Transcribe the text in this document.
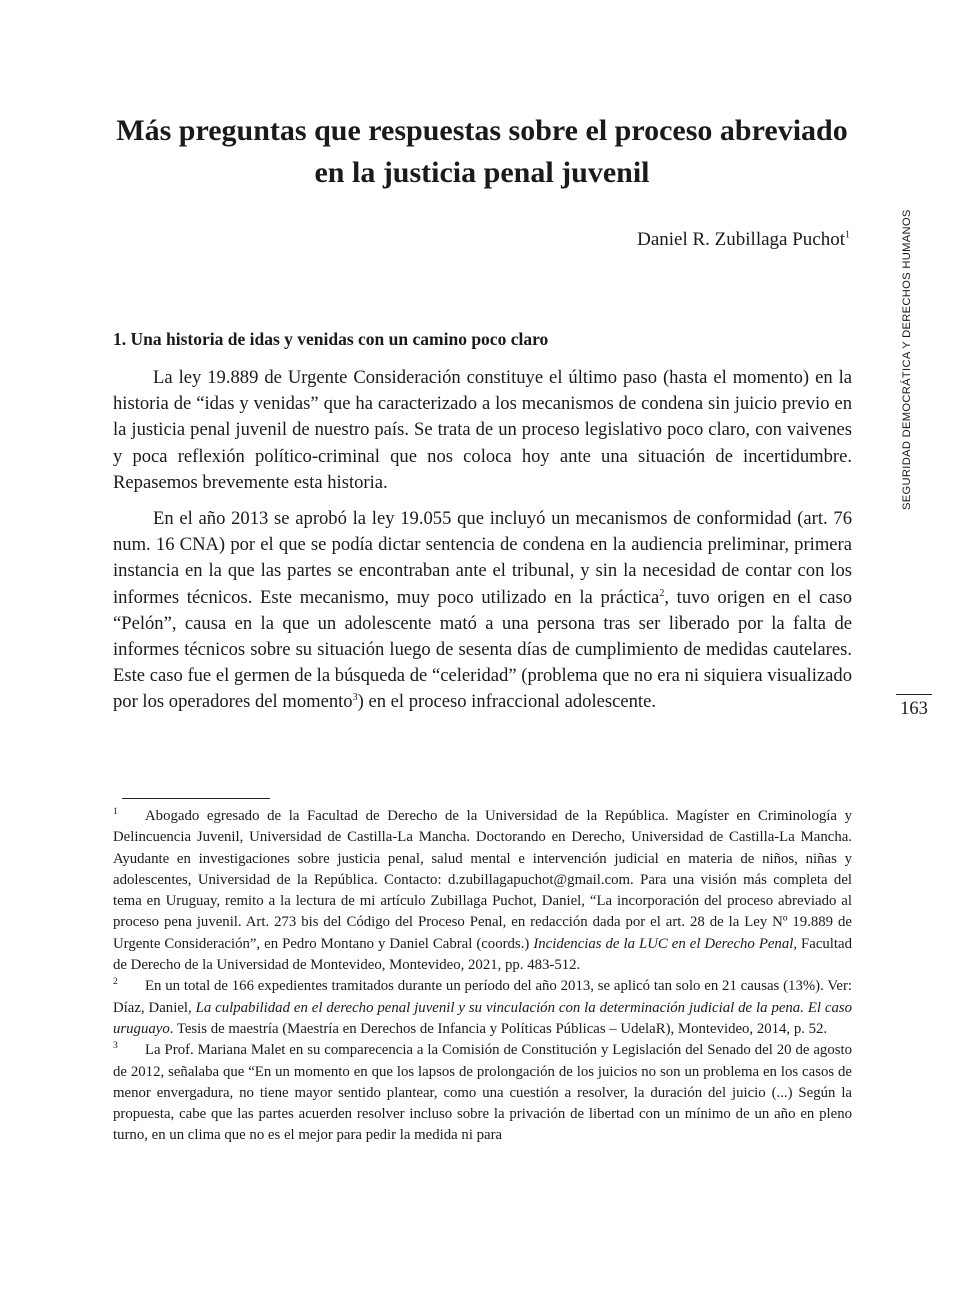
Más preguntas que respuestas sobre el proceso abreviado en la justicia penal juvenil
Daniel R. Zubillaga Puchot$^1$
1. Una historia de idas y venidas con un camino poco claro

La ley 19.889 de Urgente Consideración constituye el último paso (hasta el momento) en la historia de “idas y venidas” que ha caracterizado a los mecanismos de condena sin juicio previo en la justicia penal juvenil de nuestro país. Se trata de un proceso legislativo poco claro, con vaivenes y poca reflexión político-criminal que nos coloca hoy ante una situación de incertidumbre. Repasemos brevemente esta historia.

En el año 2013 se aprobó la ley 19.055 que incluyó un mecanismos de conformidad (art. 76 num. 16 CNA) por el que se podía dictar sentencia de condena en la audiencia preliminar, primera instancia en la que las partes se encontraban ante el tribunal, y sin la necesidad de contar con los informes técnicos. Este mecanismo, muy poco utilizado en la práctica$^2$, tuvo origen en el caso “Pelón”, causa en la que un adolescente mató a una persona tras ser liberado por la falta de informes técnicos sobre su situación luego de sesenta días de cumplimiento de medidas cautelares. Este caso fue el germen de la búsqueda de “celeridad” (problema que no era ni siquiera visualizado por los operadores del momento$^3$) en el proceso infraccional adolescente.

SEGURIDAD DEMOCRÁTICA Y DERECHOS HUMANOS
163

1 Abogado egresado de la Facultad de Derecho de la Universidad de la República. Magíster en Criminología y Delincuencia Juvenil, Universidad de Castilla-La Mancha. Doctorando en Derecho, Universidad de Castilla-La Mancha. Ayudante en investigaciones sobre justicia penal, salud mental e intervención judicial en materia de niños, niñas y adolescentes, Universidad de la República. Contacto: d.zubillagapuchot@gmail.com. Para una visión más completa del tema en Uruguay, remito a la lectura de mi artículo Zubillaga Puchot, Daniel, “La incorporación del proceso abreviado al proceso pena juvenil. Art. 273 bis del Código del Proceso Penal, en redacción dada por el art. 28 de la Ley Nº 19.889 de Urgente Consideración”, en Pedro Montano y Daniel Cabral (coords.) Incidencias de la LUC en el Derecho Penal, Facultad de Derecho de la Universidad de Montevideo, Montevideo, 2021, pp. 483-512.

2 En un total de 166 expedientes tramitados durante un período del año 2013, se aplicó tan solo en 21 causas (13%). Ver: Díaz, Daniel, La culpabilidad en el derecho penal juvenil y su vinculación con la determinación judicial de la pena. El caso uruguayo. Tesis de maestría (Maestría en Derechos de Infancia y Políticas Públicas – UdelaR), Montevideo, 2014, p. 52.

3 La Prof. Mariana Malet en su comparecencia a la Comisión de Constitución y Legislación del Senado del 20 de agosto de 2012, señalaba que “En un momento en que los lapsos de prolongación de los juicios no son un problema en los casos de menor envergadura, no tiene mayor sentido plantear, como una cuestión a resolver, la duración del juicio (...) Según la propuesta, cabe que las partes acuerden resolver incluso sobre la privación de libertad con un mínimo de un año en pleno turno, en un clima que no es el mejor para pedir la medida ni para
